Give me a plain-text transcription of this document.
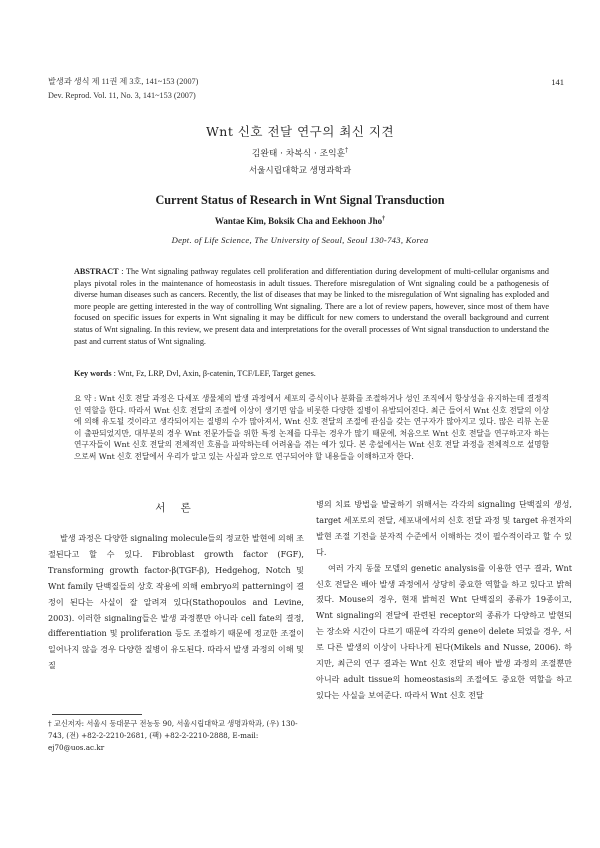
발생과 생식 제 11권 제 3호, 141~153 (2007)
Dev. Reprod. Vol. 11, No. 3, 141~153 (2007)
141
Wnt 신호 전달 연구의 최신 지견
김완태 · 차복식 · 조익훈†
서울시립대학교 생명과학과
Current Status of Research in Wnt Signal Transduction
Wantae Kim, Boksik Cha and Eekhoon Jho†
Dept. of Life Science, The University of Seoul, Seoul 130-743, Korea
ABSTRACT : The Wnt signaling pathway regulates cell proliferation and differentiation during development of multi-cellular organisms and plays pivotal roles in the maintenance of homeostasis in adult tissues. Therefore misregulation of Wnt signaling could be a pathogenesis of diverse human diseases such as cancers. Recently, the list of diseases that may be linked to the misregulation of Wnt signaling has exploded and more people are getting interested in the way of controlling Wnt signaling. There are a lot of review papers, however, since most of them have focused on specific issues for experts in Wnt signaling it may be difficult for new comers to understand the overall background and current status of Wnt signaling. In this review, we present data and interpretations for the overall processes of Wnt signal transduction to understand the past and current status of Wnt signaling.
Key words : Wnt, Fz, LRP, Dvl, Axin, β-catenin, TCF/LEF, Target genes.
요 약 : Wnt 신호 전달 과정은 다세포 생물체의 발생 과정에서 세포의 증식이나 분화를 조절하거나 성인 조직에서 항상성을 유지하는데 결정적인 역할을 한다. 따라서 Wnt 신호 전달의 조절에 이상이 생기면 암을 비롯한 다양한 질병이 유발되어진다. 최근 들어서 Wnt 신호 전달의 이상에 의해 유도될 것이라고 생각되어지는 질병의 수가 많아져서, Wnt 신호 전달의 조절에 관심을 갖는 연구자가 많아지고 있다. 많은 리뷰 논문이 출판되었지만, 대부분의 경우 Wnt 전문가들을 위한 특정 논제를 다루는 경우가 많기 때문에, 처음으로 Wnt 신호 전달을 연구하고자 하는 연구자들이 Wnt 신호 전달의 전체적인 흐름을 파악하는데 어려움을 겪는 예가 있다. 본 총설에서는 Wnt 신호 전달 과정을 전체적으로 설명함으로써 Wnt 신호 전달에서 우리가 알고 있는 사실과 앞으로 연구되어야 할 내용들을 이해하고자 한다.
서 론
발생 과정은 다양한 signaling molecule들의 정교한 발현에 의해 조절된다고 할 수 있다. Fibroblast growth factor (FGF), Transforming growth factor-β(TGF-β), Hedgehog, Notch 및 Wnt family 단백질들의 상호 작용에 의해 embryo의 patterning이 결정이 된다는 사실이 잘 알려져 있다(Stathopoulos and Levine, 2003). 이러한 signaling들은 발생 과정뿐만 아니라 cell fate의 결정, differentiation 및 proliferation 등도 조절하기 때문에 정교한 조절이 일어나지 않을 경우 다양한 질병이 유도된다. 따라서 발생 과정의 이해 및 질
병의 치료 방법을 발굴하기 위해서는 각각의 signaling 단백질의 생성, target 세포로의 전달, 세포내에서의 신호 전달 과정 및 target 유전자의 발현 조절 기전을 분자적 수준에서 이해하는 것이 필수적이라고 할 수 있다.
여러 가지 동물 모델의 genetic analysis를 이용한 연구 결과, Wnt 신호 전달은 배아 발생 과정에서 상당히 중요한 역할을 하고 있다고 밝혀졌다. Mouse의 경우, 현재 밝혀진 Wnt 단백질의 종류가 19종이고, Wnt signaling의 전달에 관련된 receptor의 종류가 다양하고 발현되는 장소와 시간이 다르기 때문에 각각의 gene이 delete 되었을 경우, 서로 다른 발생의 이상이 나타나게 된다(Mikels and Nusse, 2006). 하지만, 최근의 연구 결과는 Wnt 신호 전달의 배아 발생 과정의 조절뿐만 아니라 adult tissue의 homeostasis의 조절에도 중요한 역할을 하고 있다는 사실을 보여준다. 따라서 Wnt 신호 전달
† 교신저자: 서울시 동대문구 전농동 90, 서울시립대학교 생명과학과, (우) 130-743, (전) +82-2-2210-2681, (팩) +82-2-2210-2888, E-mail: ej70@uos.ac.kr
